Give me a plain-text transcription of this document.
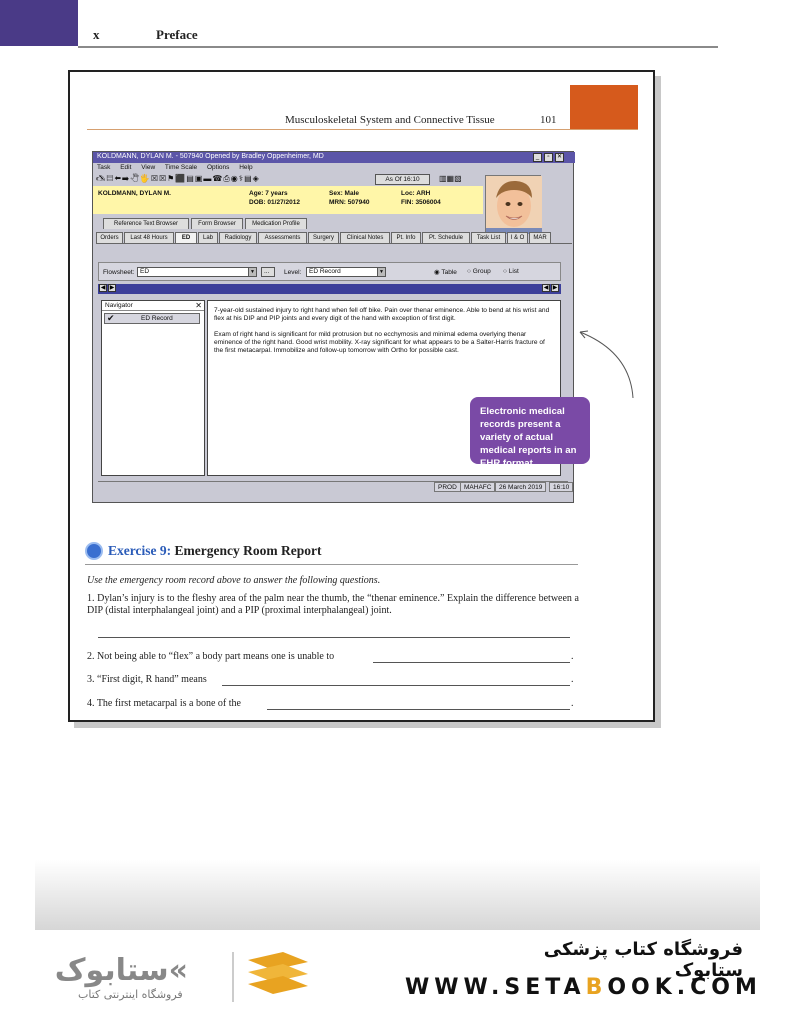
x	Preface
Musculoskeletal System and Connective Tissue	101
KOLDMANN, DYLAN M. - 507940 Opened by Bradley Oppenheimer, MD	_	▫	✕
Task Edit View Time Scale Options Help
🖎▤⬅➡🖑🖐☒☒⚑⬛▤▣▬☎⎙◉⚕▤◈	As Of 16:10	▥▦▧
KOLDMANN, DYLAN M.	Age: 7 years
DOB: 01/27/2012
Sex: Male
MRN: 507940
Loc: ARH
FIN: 3506004
Reference Text Browser	Form Browser	Medication Profile
Orders	Last 48 Hours	ED	Lab	Radiology	Assessments	Surgery	Clinical Notes	Pt. Info	Pt. Schedule	Task List	I & O	MAR
Flowsheet: ED	▼	...	Level:	ED Record	▼	◉ Table ○ Group ○ List
◀ ▶	◀ ▶
Navigator	✕
✔	ED Record

7-year-old sustained injury to right hand when fell off bike. Pain over thenar eminence. Able to bend at his wrist and flex at his DIP and PIP joints and every digit of the hand with exception of first digit.

Exam of right hand is significant for mild protrusion but no ecchymosis and minimal edema overlying thenar eminence of the right hand. Good wrist mobility. X-ray significant for what appears to be a Salter-Harris fracture of the first metacarpal. Immobilize and follow-up tomorrow with Ortho for possible cast.

PROD	MAHAFC	26 March 2019	16:10
Electronic medical records present a variety of actual medical reports in an EHR format.
Exercise 9: Emergency Room Report
Use the emergency room record above to answer the following questions.
1. Dylan’s injury is to the fleshy area of the palm near the thumb, the “thenar eminence.” Explain the difference between a DIP (distal interphalangeal joint) and a PIP (proximal interphalangeal) joint.
2. Not being able to “flex” a body part means one is unable to	.
3. “First digit, R hand” means	.
4. The first metacarpal is a bone of the	.
ستابوک«
فروشگاه اینترنتی کتاب
فروشگاه کتاب پزشکی ستابوک
WWW.SETABOOK.COM
